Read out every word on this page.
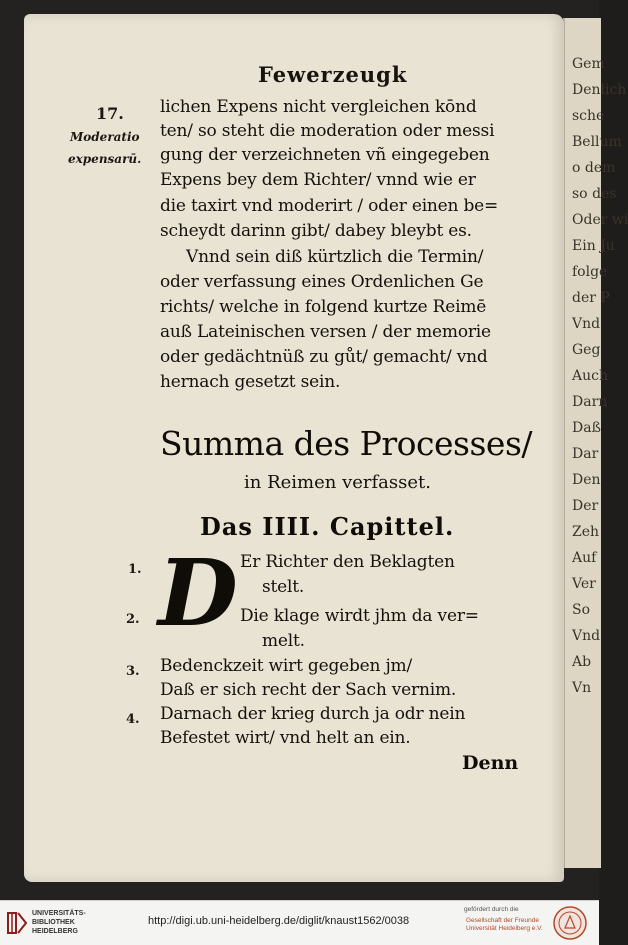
Gem
Denlich
sche
Bellum
o dem
so des
Oder wi
Ein Ju
folge
der P
Vnd
Geg
Auch
Darn
Daß
Dar
Den
Der
Zeh
Auf
Ver
So
Vnd
Ab
Vn
Fewerzeugk
17.
Moderatio
expensarū.
lichen Expens nicht vergleichen kōnd
ten/ so steht die moderation oder messi
gung der verzeichneten vñ eingegeben
Expens bey dem Richter/ vnnd wie er
die taxirt vnd moderirt / oder einen be=
scheydt darinn gibt/ dabey bleybt es.
Vnnd sein diß kürtzlich die Termin/
oder verfassung eines Ordenlichen Ge
richts/ welche in folgend kurtze Reimē
auß Lateinischen versen / der memorie
oder gedächtnüß zu gůt/ gemacht/ vnd
hernach gesetzt sein.
Summa des Processes/
in Reimen verfasset.
Das IIII. Capittel.
D
1.
2.
3.
4.
Er Richter den Beklagten
stelt.
Die klage wirdt jhm da ver=
melt.
Bedenckzeit wirt gegeben jm/
Daß er sich recht der Sach vernim.
Darnach der krieg durch ja odr nein
Befestet wirt/ vnd helt an ein.
Denn
UNIVERSITÄTS-
BIBLIOTHEK
HEIDELBERG
http://digi.ub.uni-heidelberg.de/diglit/knaust1562/0038
gefördert durch die
Gesellschaft der Freunde
Universität Heidelberg e.V.
